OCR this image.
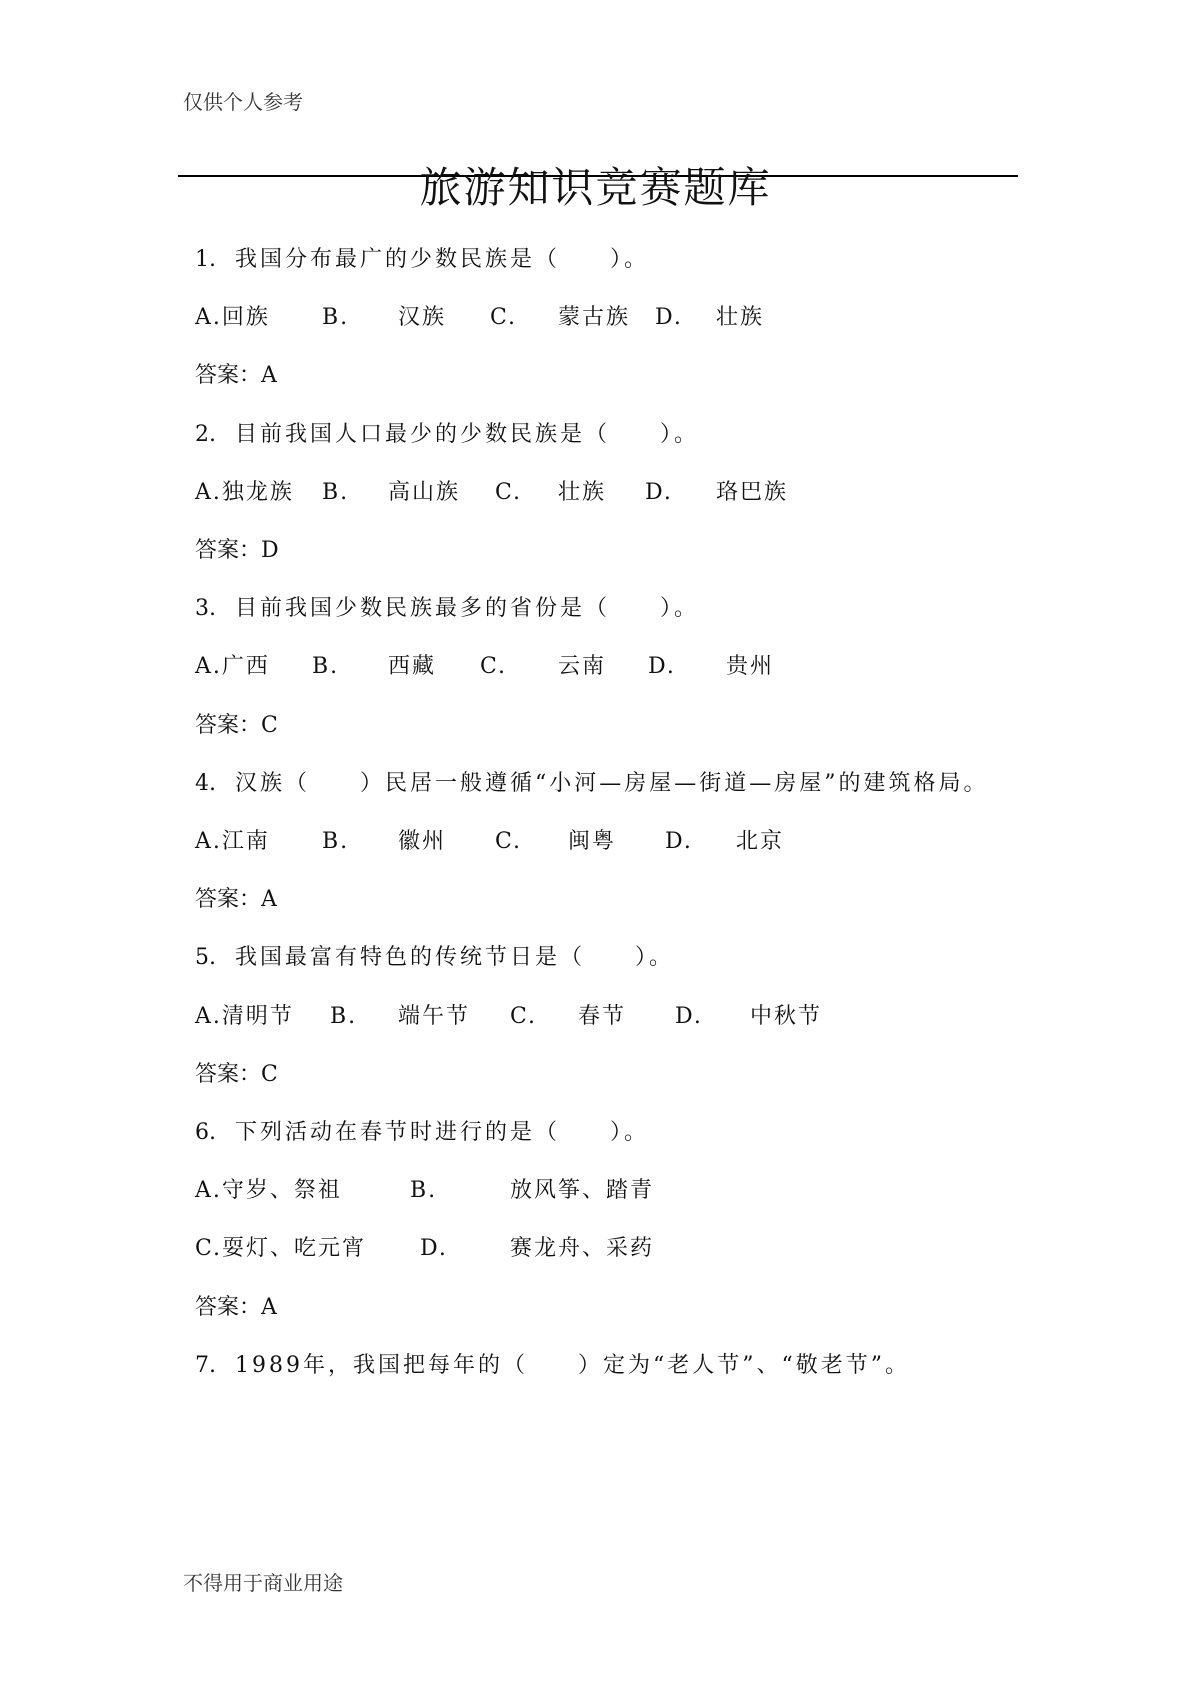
仅供个人参考
旅游知识竞赛题库
1. 我国分布最广的少数民族是（　　）。
A.回族 B. 汉族 C. 蒙古族 D. 壮族
答案：A
2. 目前我国人口最少的少数民族是（　　）。
A.独龙族 B. 高山族 C. 壮族 D. 珞巴族
答案：D
3. 目前我国少数民族最多的省份是（　　）。
A.广西 B. 西藏 C. 云南 D. 贵州
答案：C
4. 汉族（　　）民居一般遵循“小河—房屋—街道—房屋”的建筑格局。
A.江南 B. 徽州 C. 闽粤 D. 北京
答案：A
5. 我国最富有特色的传统节日是（　　）。
A.清明节 B. 端午节 C. 春节 D. 中秋节
答案：C
6. 下列活动在春节时进行的是（　　）。
A.守岁、祭祖	B.	放风筝、踏青
C.耍灯、吃元宵 D.	赛龙舟、采药
答案：A
7. 1989年，我国把每年的（　　）定为“老人节”、“敬老节”。
不得用于商业用途
